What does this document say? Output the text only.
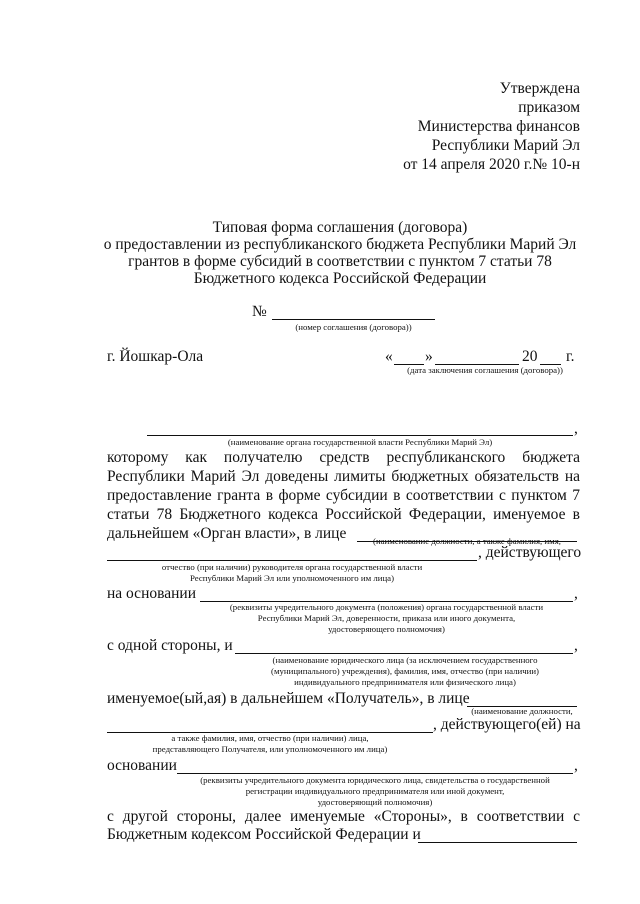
Утверждена
приказом
Министерства финансов
Республики Марий Эл
от 14 апреля 2020 г.№ 10-н
Типовая форма соглашения (договора)
о предоставлении из республиканского бюджета Республики Марий Эл
грантов в форме субсидий в соответствии с пунктом 7 статьи 78
Бюджетного кодекса Российской Федерации
№
(номер соглашения (договора))
г. Йошкар-Ола	« »	20 г.
(дата заключения соглашения (договора))
,
(наименование органа государственной власти Республики Марий Эл)
которому как получателю средств республиканского бюджета
Республики Марий Эл доведены лимиты бюджетных обязательств на
предоставление гранта в форме субсидии в соответствии с пунктом 7
статьи 78 Бюджетного кодекса Российской Федерации, именуемое в
дальнейшем «Орган власти», в лице	(наименование должности, а также фамилия, имя,
, действующего
отчество (при наличии) руководителя органа государственной власти
Республики Марий Эл или уполномоченного им лица)
на основании	,
(реквизиты учредительного документа (положения) органа государственной власти
Республики Марий Эл, доверенности, приказа или иного документа,
удостоверяющего полномочия)
с одной стороны, и	,
(наименование юридического лица (за исключением государственного
(муниципального) учреждения), фамилия, имя, отчество (при наличии)
индивидуального предпринимателя или физического лица)
именуемое(ый,ая) в дальнейшем «Получатель», в лице
(наименование должности,
, действующего(ей) на
а также фамилия, имя, отчество (при наличии) лица,
представляющего Получателя, или уполномоченного им лица)
основании	,
(реквизиты учредительного документа юридического лица, свидетельства о государственной
регистрации индивидуального предпринимателя или иной документ,
удостоверяющий полномочия)
с другой стороны, далее именуемые «Стороны», в соответствии с
Бюджетным кодексом Российской Федерации и
